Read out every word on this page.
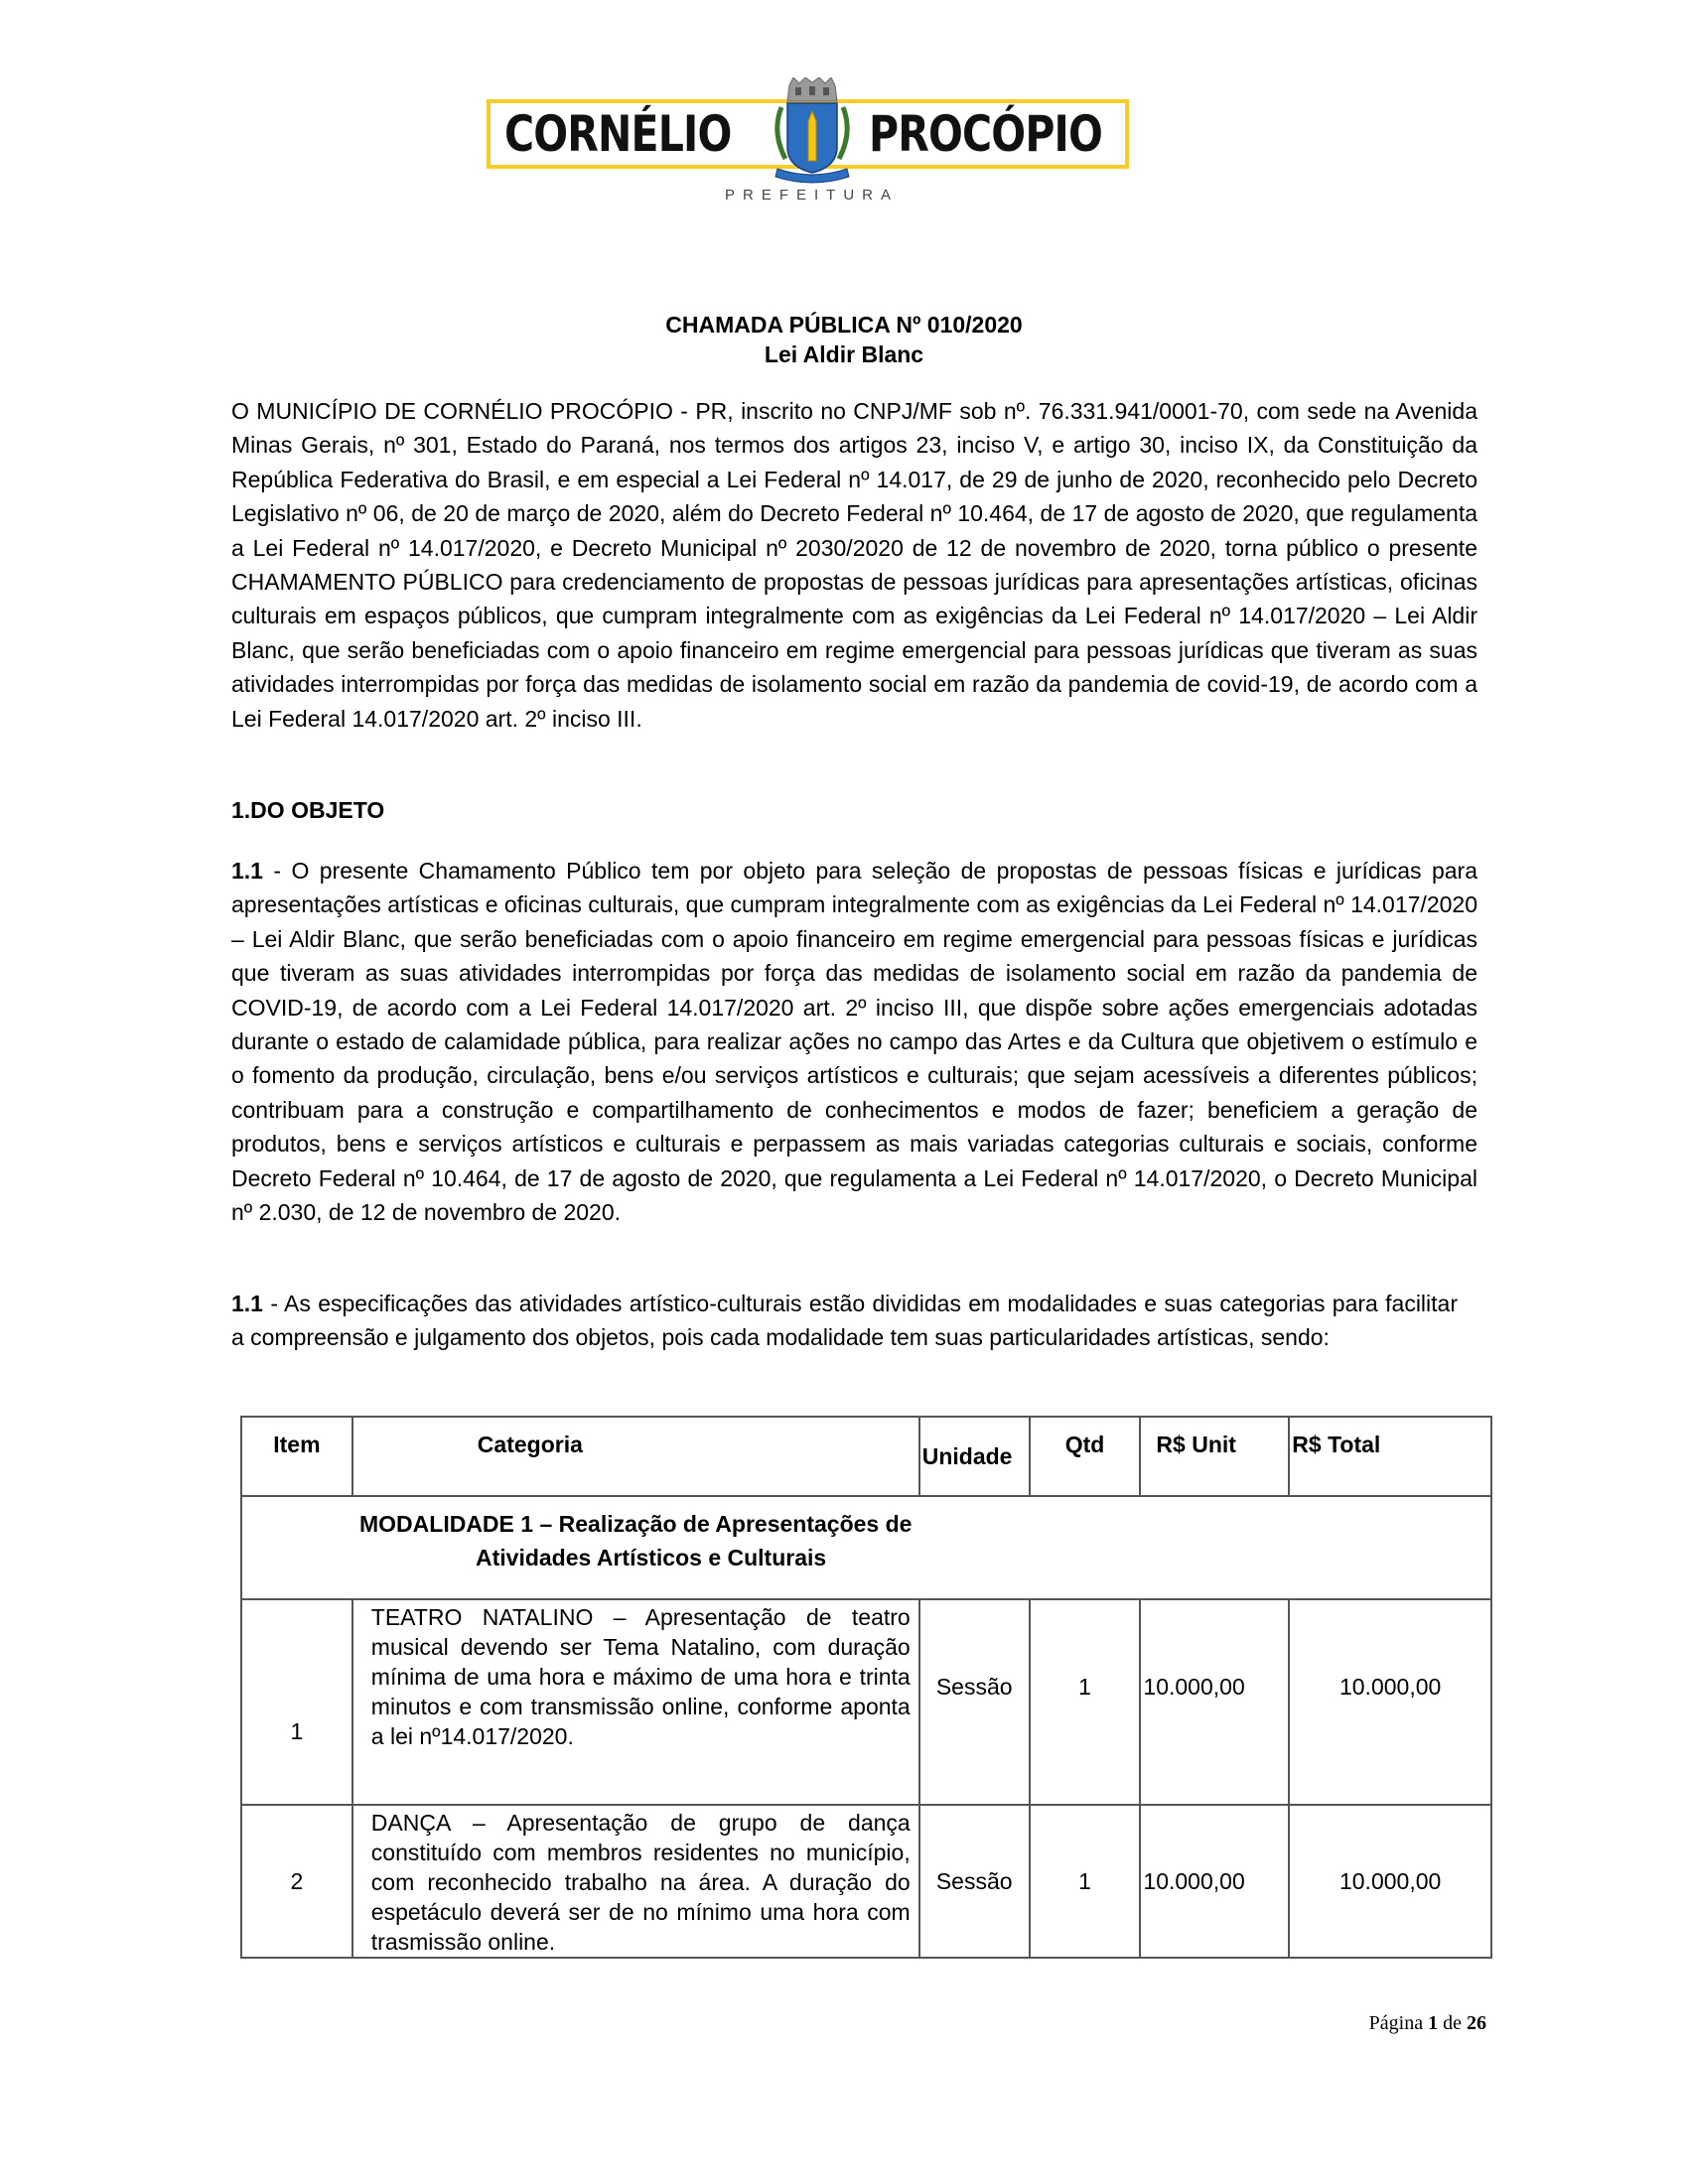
CORNÉLIO	PROCÓPIO
PREFEITURA
CHAMADA PÚBLICA Nº 010/2020
Lei Aldir Blanc
O MUNICÍPIO DE CORNÉLIO PROCÓPIO - PR, inscrito no CNPJ/MF sob nº. 76.331.941/0001-70, com sede na Avenida Minas Gerais, nº 301, Estado do Paraná, nos termos dos artigos 23, inciso V, e artigo 30, inciso IX, da Constituição da República Federativa do Brasil, e em especial a Lei Federal nº 14.017, de 29 de junho de 2020, reconhecido pelo Decreto Legislativo nº 06, de 20 de março de 2020, além do Decreto Federal nº 10.464, de 17 de agosto de 2020, que regulamenta a Lei Federal nº 14.017/2020, e Decreto Municipal nº 2030/2020 de 12 de novembro de 2020, torna público o presente CHAMAMENTO PÚBLICO para credenciamento de propostas de pessoas jurídicas para apresentações artísticas, oficinas culturais em espaços públicos, que cumpram integralmente com as exigências da Lei Federal nº 14.017/2020 – Lei Aldir Blanc, que serão beneficiadas com o apoio financeiro em regime emergencial para pessoas jurídicas que tiveram as suas atividades interrompidas por força das medidas de isolamento social em razão da pandemia de covid-19, de acordo com a Lei Federal 14.017/2020 art. 2º inciso III.
1.DO OBJETO
1.1 - O presente Chamamento Público tem por objeto para seleção de propostas de pessoas físicas e jurídicas para apresentações artísticas e oficinas culturais, que cumpram integralmente com as exigências da Lei Federal nº 14.017/2020 – Lei Aldir Blanc, que serão beneficiadas com o apoio financeiro em regime emergencial para pessoas físicas e jurídicas que tiveram as suas atividades interrompidas por força das medidas de isolamento social em razão da pandemia de COVID-19, de acordo com a Lei Federal 14.017/2020 art. 2º inciso III, que dispõe sobre ações emergenciais adotadas durante o estado de calamidade pública, para realizar ações no campo das Artes e da Cultura que objetivem o estímulo e o fomento da produção, circulação, bens e/ou serviços artísticos e culturais; que sejam acessíveis a diferentes públicos; contribuam para a construção e compartilhamento de conhecimentos e modos de fazer; beneficiem a geração de produtos, bens e serviços artísticos e culturais e perpassem as mais variadas categorias culturais e sociais, conforme Decreto Federal nº 10.464, de 17 de agosto de 2020, que regulamenta a Lei Federal nº 14.017/2020, o Decreto Municipal nº 2.030, de 12 de novembro de 2020.
1.1 - As especificações das atividades artístico-culturais estão divididas em modalidades e suas categorias para facilitar a compreensão e julgamento dos objetos, pois cada modalidade tem suas particularidades artísticas, sendo:
Item	Categoria	Unidade	Qtd	R$ Unit	R$ Total

MODALIDADE 1 – Realização de Apresentações de
Atividades Artísticos e Culturais					

1	TEATRO NATALINO – Apresentação de teatro musical devendo ser Tema Natalino, com duração mínima de uma hora e máximo de uma hora e trinta minutos e com transmissão online, conforme aponta a lei nº14.017/2020.	Sessão	1	10.000,00	10.000,00
2	DANÇA – Apresentação de grupo de dança constituído com membros residentes no município, com reconhecido trabalho na área. A duração do espetáculo deverá ser de no mínimo uma hora com trasmissão online.	Sessão	1	10.000,00	10.000,00
Página 1 de 26
